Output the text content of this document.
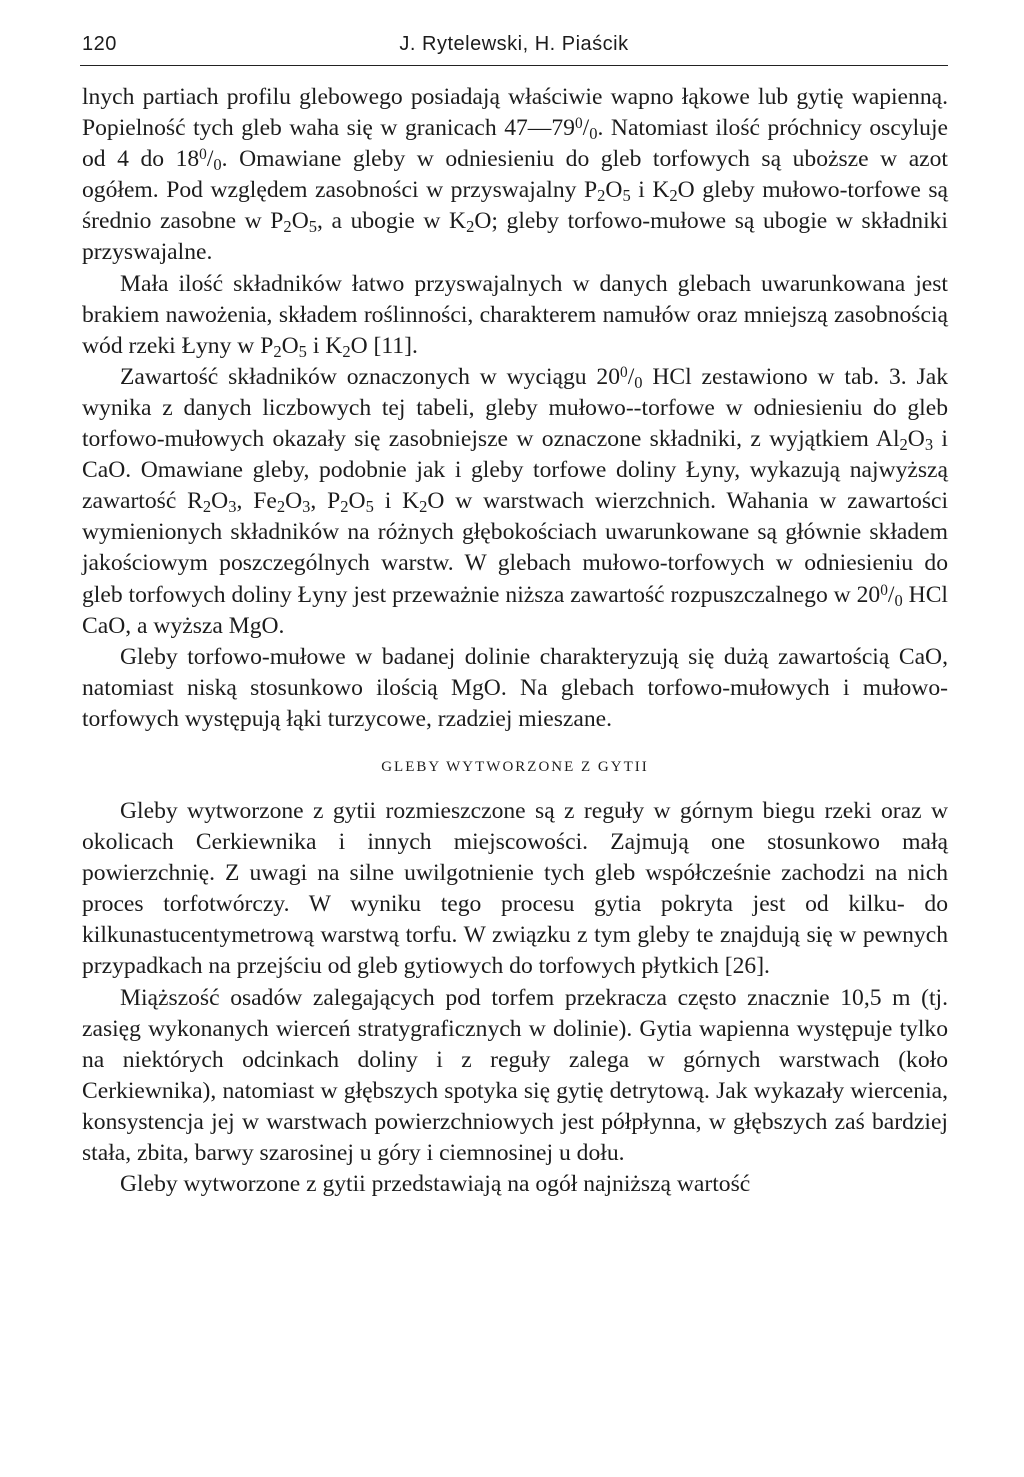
120	J. Rytelewski, H. Piaścik

lnych partiach profilu glebowego posiadają właściwie wapno łąkowe lub gytię wapienną. Popielność tych gleb waha się w granicach $47—79^0/_0$. Natomiast ilość próchnicy oscyluje od 4 do $18^0/_0$. Omawiane gleby w odniesieniu do gleb torfowych są uboższe w azot ogółem. Pod względem zasobności w przyswajalny $P_2O_5$ i $K_2O$ gleby mułowo-torfowe są średnio zasobne w $P_2O_5$, a ubogie w $K_2O$; gleby torfowo-mułowe są ubogie w składniki przyswajalne.

Mała ilość składników łatwo przyswajalnych w danych glebach uwarunkowana jest brakiem nawożenia, składem roślinności, charakterem namułów oraz mniejszą zasobnością wód rzeki Łyny w $P_2O_5$ i $K_2O$ [11].

Zawartość składników oznaczonych w wyciągu $20^0/_0$ HCl zestawiono w tab. 3. Jak wynika z danych liczbowych tej tabeli, gleby mułowo--torfowe w odniesieniu do gleb torfowo-mułowych okazały się zasobniejsze w oznaczone składniki, z wyjątkiem $Al_2O_3$ i CaO. Omawiane gleby, podobnie jak i gleby torfowe doliny Łyny, wykazują najwyższą zawartość $R_2O_3$, $Fe_2O_3$, $P_2O_5$ i $K_2O$ w warstwach wierzchnich. Wahania w zawartości wymienionych składników na różnych głębokościach uwarunkowane są głównie składem jakościowym poszczególnych warstw. W glebach mułowo-torfowych w odniesieniu do gleb torfowych doliny Łyny jest przeważnie niższa zawartość rozpuszczalnego w $20^0/_0$ HCl CaO, a wyższa MgO.

Gleby torfowo-mułowe w badanej dolinie charakteryzują się dużą zawartością CaO, natomiast niską stosunkowo ilością MgO. Na glebach torfowo-mułowych i mułowo-torfowych występują łąki turzycowe, rzadziej mieszane.

GLEBY WYTWORZONE Z GYTII

Gleby wytworzone z gytii rozmieszczone są z reguły w górnym biegu rzeki oraz w okolicach Cerkiewnika i innych miejscowości. Zajmują one stosunkowo małą powierzchnię. Z uwagi na silne uwilgotnienie tych gleb współcześnie zachodzi na nich proces torfotwórczy. W wyniku tego procesu gytia pokryta jest od kilku- do kilkunastucentymetrową warstwą torfu. W związku z tym gleby te znajdują się w pewnych przypadkach na przejściu od gleb gytiowych do torfowych płytkich [26].

Miąższość osadów zalegających pod torfem przekracza często znacznie 10,5 m (tj. zasięg wykonanych wierceń stratygraficznych w dolinie). Gytia wapienna występuje tylko na niektórych odcinkach doliny i z reguły zalega w górnych warstwach (koło Cerkiewnika), natomiast w głębszych spotyka się gytię detrytową. Jak wykazały wiercenia, konsystencja jej w warstwach powierzchniowych jest półpłynna, w głębszych zaś bardziej stała, zbita, barwy szarosinej u góry i ciemnosinej u dołu.

Gleby wytworzone z gytii przedstawiają na ogół najniższą wartość
